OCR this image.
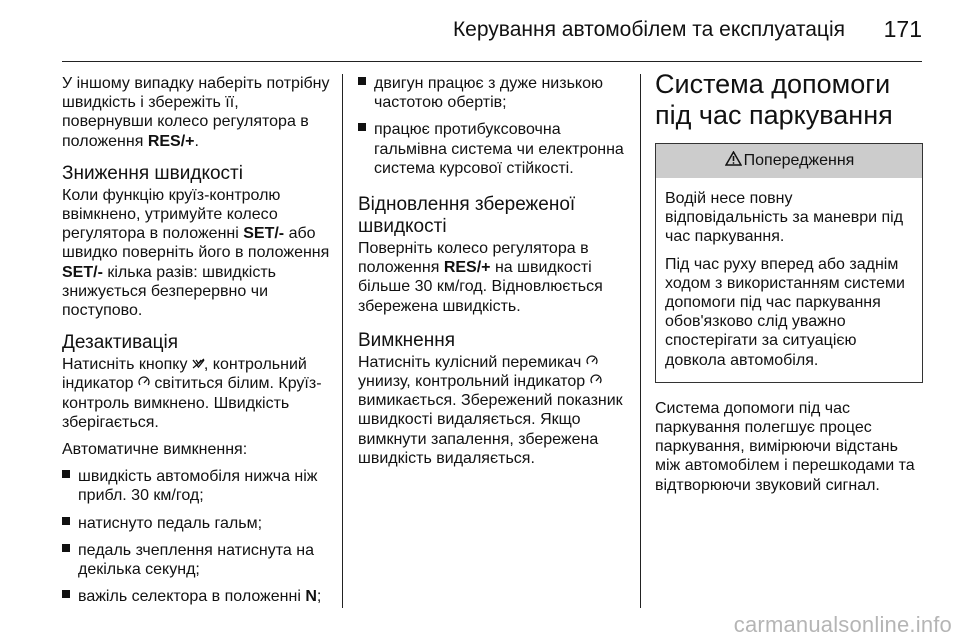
Керування автомобілем та експлуатація 171

У іншому випадку наберіть потрібну швидкість і збережіть її, повернувши колесо регулятора в положення RES/+.

Зниження швидкості

Коли функцію круїз-контролю ввімкнено, утримуйте колесо регулятора в положенні SET/- або швидко поверніть його в положення SET/- кілька разів: швидкість знижується безперервно чи поступово.

Дезактивація

Натисніть кнопку , контрольний індикатор  світиться білим. Круїз-контроль вимкнено. Швидкість зберігається.

Автоматичне вимкнення:

швидкість автомобіля нижча ніж прибл. 30 км/год;
натиснуто педаль гальм;
педаль зчеплення натиснута на декілька секунд;
важіль селектора в положенні N;
двигун працює з дуже низькою частотою обертів;
працює протибуксовочна гальмівна система чи електронна система курсової стійкості.
Відновлення збереженої швидкості

Поверніть колесо регулятора в положення RES/+ на швидкості більше 30 км/год. Відновлюється збережена швидкість.

Вимкнення

Натисніть кулісний перемикач  униизу, контрольний індикатор  вимикається. Збережений показник швидкості видаляється. Якщо вимкнути запалення, збережена швидкість видаляється.

Система допомоги під час паркування
Попередження

Водій несе повну відповідальність за маневри під час паркування.

Під час руху вперед або заднім ходом з використанням системи допомоги під час паркування обов'язково слід уважно спостерігати за ситуацією довкола автомобіля.

Система допомоги під час паркування полегшує процес паркування, вимірюючи відстань між автомобілем і перешкодами та відтворюючи звуковий сигнал.

carmanualsonline.info
